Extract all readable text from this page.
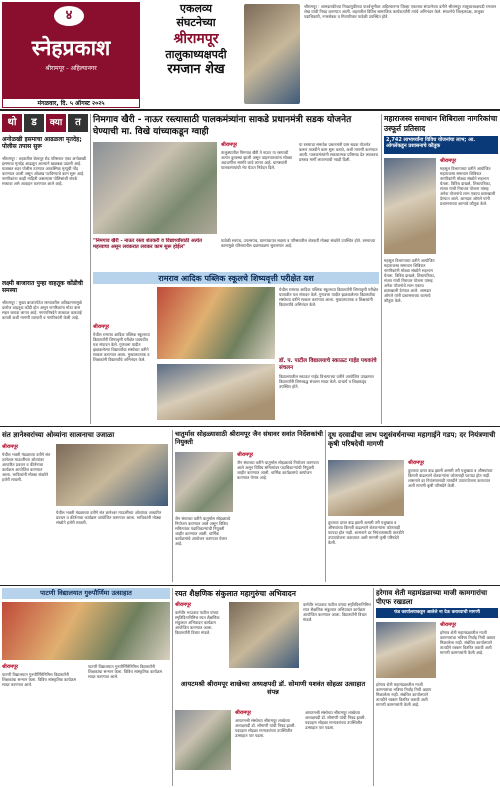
४
स्नेहप्रकाश
श्रीरामपूर - अहिल्यानगर
मंगळवार, दि. ५ ऑगस्ट २०२५
एकलव्य
संघटनेच्या
श्रीरामपूर
तालुकाध्यक्षपदी
रमजान शेख
श्रीरामपूर : आमदारकीच्या निवडणुकीच्या पार्श्वभूमीवर अहिल्यानगर जिल्हा एकलव्य संघटनेच्या वतीने श्रीरामपूर तालुकाध्यक्षपदी रमजान शेख यांची निवड करण्यात आली. शहरातील विविध सामाजिक कार्यकर्त्यांनी त्यांचे अभिनंदन केले. संघटनेचे जिल्हाध्यक्ष, तालुका पदाधिकारी, नगरसेवक व मित्रपरिवार यावेळी उपस्थित होते.
थो	ड	क्या	त
अनोळखी इसमाचा आढळला मृतदेह; पोलीस तपास सुरू
श्रीरामपूर : शहरातील बेलापूर रोड परिसरात एका अनोळखी इसमाचा मृतदेह आढळून आल्याने खळबळ उडाली आहे. याबाबत शहर पोलीस ठाण्यात आकस्मिक मृत्यूची नोंद करण्यात आली असून ओळख पटविण्याचे काम सुरू आहे. नागरिकांना काही माहिती असल्यास पोलिसांशी संपर्क साधावा असे आवाहन करण्यात आले आहे.
लक्ष्मी बाजारात पुन्हा वाहतूक कोंडीची समस्या
श्रीरामपूर : मुख्य बाजारपेठेत रस्त्यावरील अतिक्रमणामुळे दररोज वाहतूक कोंडी होत असून नागरिकांना मोठा त्रास सहन करावा लागत आहे. नगरपरिषदेने तात्काळ कारवाई करावी अशी मागणी व्यापारी व नागरिकांनी केली आहे.
निमगाव खैरी - नाऊर रस्त्यासाठी पालकमंत्र्यांना साकडे प्रधानमंत्री सडक योजनेत घेण्याची मा. विखे यांच्याकडून ग्वाही
श्रीरामपूर
तालुक्यातील निमगाव खैरी ते नाऊर या रस्त्याची अत्यंत दुरवस्था झाली असून वाहनधारकांना मोठ्या अडचणींना सामोरे जावे लागत आहे. ग्रामस्थांनी पालकमंत्र्यांची भेट घेऊन निवेदन दिले.
या रस्त्याचा समावेश प्रधानमंत्री ग्राम सडक योजनेत करून तातडीने काम सुरू करावे, अशी मागणी करण्यात आली. पालकमंत्र्यांनी सकारात्मक प्रतिसाद देत लवकरच प्रस्ताव मार्गी लावण्याची ग्वाही दिली.
"निमगाव खैरी - नाऊर रस्ता शेतकरी व विद्यार्थ्यांसाठी अत्यंत महत्त्वाचा असून लवकरात लवकर काम सुरू होईल"
यावेळी सरपंच, उपसरपंच, ग्रामपंचायत सदस्य व परिसरातील शेतकरी मोठ्या संख्येने उपस्थित होते. रस्त्याच्या कामामुळे परिसरातील दळणवळण सुधारणार आहे.
रामराव आदिक पब्लिक स्कूलचे शिष्यवृत्ती परीक्षेत यश
श्रीरामपूर
येथील रामराव आदिक पब्लिक स्कूलच्या विद्यार्थ्यांनी शिष्यवृत्ती परीक्षेत घवघवीत यश संपादन केले. गुणवत्ता यादीत झळकलेल्या विद्यार्थ्यांचा संस्थेच्या वतीने सत्कार करण्यात आला. मुख्याध्यापक व शिक्षकांनी विद्यार्थ्यांचे अभिनंदन केले.
येथील रामराव आदिक पब्लिक स्कूलच्या विद्यार्थ्यांनी शिष्यवृत्ती परीक्षेत घवघवीत यश संपादन केले. गुणवत्ता यादीत झळकलेल्या विद्यार्थ्यांचा संस्थेच्या वतीने सत्कार करण्यात आला. मुख्याध्यापक व शिक्षकांनी विद्यार्थ्यांचे अभिनंदन केले.
डॉ. प. पाटील विद्यालयाचे स्काऊट गाईड पथकांचे संचलन
विद्यालयातील स्काऊट गाईड विभागाच्या वतीने आयोजित उपक्रमात विद्यार्थ्यांनी शिस्तबद्ध संचलन सादर केले. प्राचार्य व शिक्षकवृंद उपस्थित होते.
महाराजस्व समाधान शिबिराला नागरिकांचा उस्फूर्त प्रतिसाद
2,742 लाभार्थ्यांना विविध योजनांचा लाभ; आ. ओगलेंकडून प्रशासनाचे कौतुक
श्रीरामपूर
महसूल विभागाच्या वतीने आयोजित महाराजस्व समाधान शिबिरात नागरिकांनी मोठ्या संख्येने सहभाग घेतला. विविध दाखले, शिधापत्रिका, संजय गांधी निराधार योजना यांसह अनेक योजनांचे लाभ एकाच छताखाली देण्यात आले. आमदार ओगले यांनी प्रशासनाच्या कामाचे कौतुक केले.
महसूल विभागाच्या वतीने आयोजित महाराजस्व समाधान शिबिरात नागरिकांनी मोठ्या संख्येने सहभाग घेतला. विविध दाखले, शिधापत्रिका, संजय गांधी निराधार योजना यांसह अनेक योजनांचे लाभ एकाच छताखाली देण्यात आले. आमदार ओगले यांनी प्रशासनाच्या कामाचे कौतुक केले.
संत ज्ञानेश्वरांच्या ओव्यांना सात्वनाचा उजाळा
श्रीरामपूर
येथील भक्ती मंडळाच्या वतीने संत ज्ञानेश्वर माऊलींच्या ओव्यांवर आधारित प्रवचन व कीर्तनाचा कार्यक्रम आयोजित करण्यात आला. भाविकांनी मोठ्या संख्येने हजेरी लावली.
येथील भक्ती मंडळाच्या वतीने संत ज्ञानेश्वर माऊलींच्या ओव्यांवर आधारित प्रवचन व कीर्तनाचा कार्यक्रम आयोजित करण्यात आला. भाविकांनी मोठ्या संख्येने हजेरी लावली.
चातुर्मास सोहळ्यासाठी श्रीरामपूर जैन संघावर सवांत निर्देशकांची नियुक्ती
श्रीरामपूर
जैन संघाच्या वतीने चातुर्मास सोहळ्याचे नियोजन करण्यात आले असून विविध समित्यांवर पदाधिकाऱ्यांची नियुक्ती जाहीर करण्यात आली. धार्मिक कार्यक्रमांचे आयोजन करण्यात येणार आहे.
जैन संघाच्या वतीने चातुर्मास सोहळ्याचे नियोजन करण्यात आले असून विविध समित्यांवर पदाधिकाऱ्यांची नियुक्ती जाहीर करण्यात आली. धार्मिक कार्यक्रमांचे आयोजन करण्यात येणार आहे.
दूध दरवाढीचा लाभ पशुसंवर्धनाच्या महागाईने गडप; दर नियंत्रणाची कृषी परिषदेची मागणी
श्रीरामपूर
दुधाच्या दरात वाढ झाली असली तरी पशुखाद्य व औषधांच्या किमती वाढल्याने शेतकऱ्यांना कोणताही फायदा होत नाही. शासनाने दर नियंत्रणासाठी तातडीने उपाययोजना कराव्यात अशी मागणी कृषी परिषदेने केली.
दुधाच्या दरात वाढ झाली असली तरी पशुखाद्य व औषधांच्या किमती वाढल्याने शेतकऱ्यांना कोणताही फायदा होत नाही. शासनाने दर नियंत्रणासाठी तातडीने उपाययोजना कराव्यात अशी मागणी कृषी परिषदेने केली.
पाटणी विद्यालयात गुरुपौर्णिमा उत्साहात
श्रीरामपूर
पाटणी विद्यालयात गुरुपौर्णिमेनिमित्त विद्यार्थ्यांनी शिक्षकांचा सन्मान केला. विविध सांस्कृतिक कार्यक्रम सादर करण्यात आले.
पाटणी विद्यालयात गुरुपौर्णिमेनिमित्त विद्यार्थ्यांनी शिक्षकांचा सन्मान केला. विविध सांस्कृतिक कार्यक्रम सादर करण्यात आले.
रयत शैक्षणिक संकुलात महागुरुंचा अभिवादन
श्रीरामपूर
कर्मवीर भाऊराव पाटील यांच्या स्मृतिदिनानिमित्त रयत शैक्षणिक संकुलात अभिवादन कार्यक्रम आयोजित करण्यात आला. विद्यार्थ्यांनी विचार मांडले.
कर्मवीर भाऊराव पाटील यांच्या स्मृतिदिनानिमित्त रयत शैक्षणिक संकुलात अभिवादन कार्यक्रम आयोजित करण्यात आला. विद्यार्थ्यांनी विचार मांडले.
आयटमश्री श्रीरामपूर शाखेच्या अध्यक्षपदी डॉ. सोमाणी यशवंत सोहळा उत्साहात संपन्न
श्रीरामपूर
आयटमश्री संस्थेच्या श्रीरामपूर शाखेच्या अध्यक्षपदी डॉ. सोमाणी यांची निवड झाली. पदग्रहण सोहळा मान्यवरांच्या उपस्थितीत उत्साहात पार पडला.
आयटमश्री संस्थेच्या श्रीरामपूर शाखेच्या अध्यक्षपदी डॉ. सोमाणी यांची निवड झाली. पदग्रहण सोहळा मान्यवरांच्या उपस्थितीत उत्साहात पार पडला.
हरेगाव शेती महामंडळाच्या माजी कामगारांचा पीएफ रखडला
फंड कार्यालयाकडून आलेले ना देऊ कराव्याची मागणी
श्रीरामपूर
हरेगाव शेती महामंडळातील माजी कामगारांचा भविष्य निर्वाह निधी अद्याप मिळालेला नाही. संबंधित कार्यालयाने तातडीने रक्कम वितरित करावी अशी मागणी कामगारांनी केली आहे.
हरेगाव शेती महामंडळातील माजी कामगारांचा भविष्य निर्वाह निधी अद्याप मिळालेला नाही. संबंधित कार्यालयाने तातडीने रक्कम वितरित करावी अशी मागणी कामगारांनी केली आहे.
